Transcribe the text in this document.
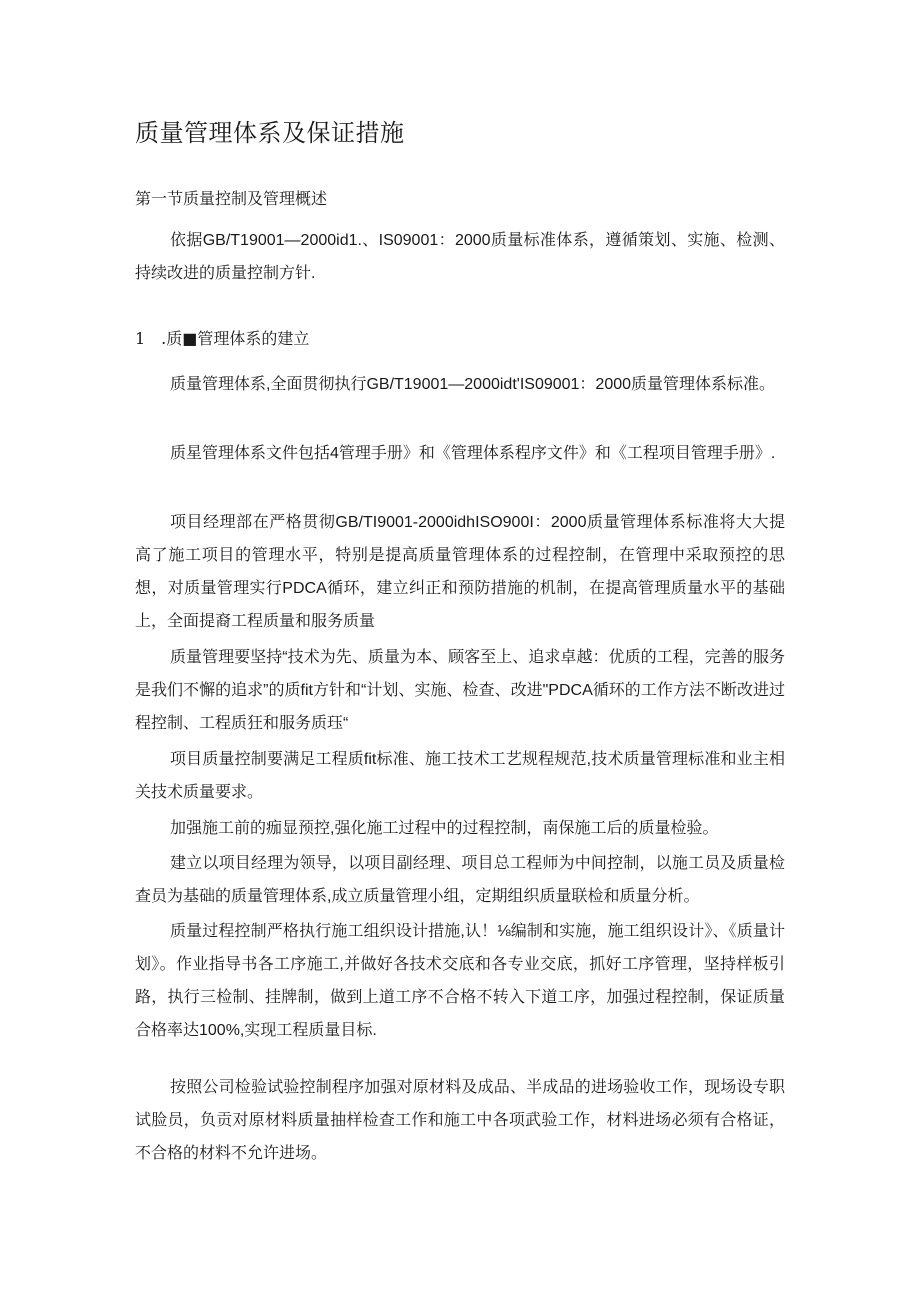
质量管理体系及保证措施
第一节质量控制及管理概述

依据GB/T19001—2000id1.、IS09001：2000质量标准体系，遵循策划、实施、检测、持续改进的质量控制方针.

1　.质■管理体系的建立

质量管理体系,全面贯彻执行GB/T19001—2000idt'IS09001：2000质量管理体系标准。

质星管理体系文件包括4管理手册》和《管理体系程序文件》和《工程项目管理手册》.

项目经理部在严格贯彻GB/TI9001-2000idhISO900I：2000质量管理体系标准将大大提高了施工项目的管理水平，特别是提高质量管理体系的过程控制，在管理中采取预控的思想，对质量管理实行PDCA循环，建立纠正和预防措施的机制，在提高管理质量水平的基础上，全面提裔工程质量和服务质量

质量管理要坚持“技术为先、质量为本、顾客至上、追求卓越：优质的工程，完善的服务是我们不懈的追求”的质fit方针和“计划、实施、检查、改进"PDCA循环的工作方法不断改进过程控制、工程质狂和服务质珏“

项目质量控制要满足工程质fit标准、施工技术工艺规程规范,技术质量管理标准和业主相关技术质量要求。

加强施工前的痂显预控,强化施工过程中的过程控制，南保施工后的质量检验。

建立以项目经理为领导，以项目副经理、项目总工程师为中间控制，以施工员及质量检查员为基础的质量管理体系,成立质量管理小组，定期组织质量联检和质量分析。

质量过程控制严格执行施工组织设计措施,认！⅛编制和实施，施工组织设计》、《质量计划》。作业指导书各工序施工,并做好各技术交底和各专业交底，抓好工序管理，坚持样板引路，执行三检制、挂牌制，做到上道工序不合格不转入下道工序，加强过程控制，保证质量合格率达100%,实现工程质量目标.

按照公司检验试验控制程序加强对原材料及成品、半成品的进场验收工作，现场设专职试脸员，负贡对原材料质量抽样检查工作和施工中各项武验工作，材料进场必须有合格证，不合格的材料不允许进场。
